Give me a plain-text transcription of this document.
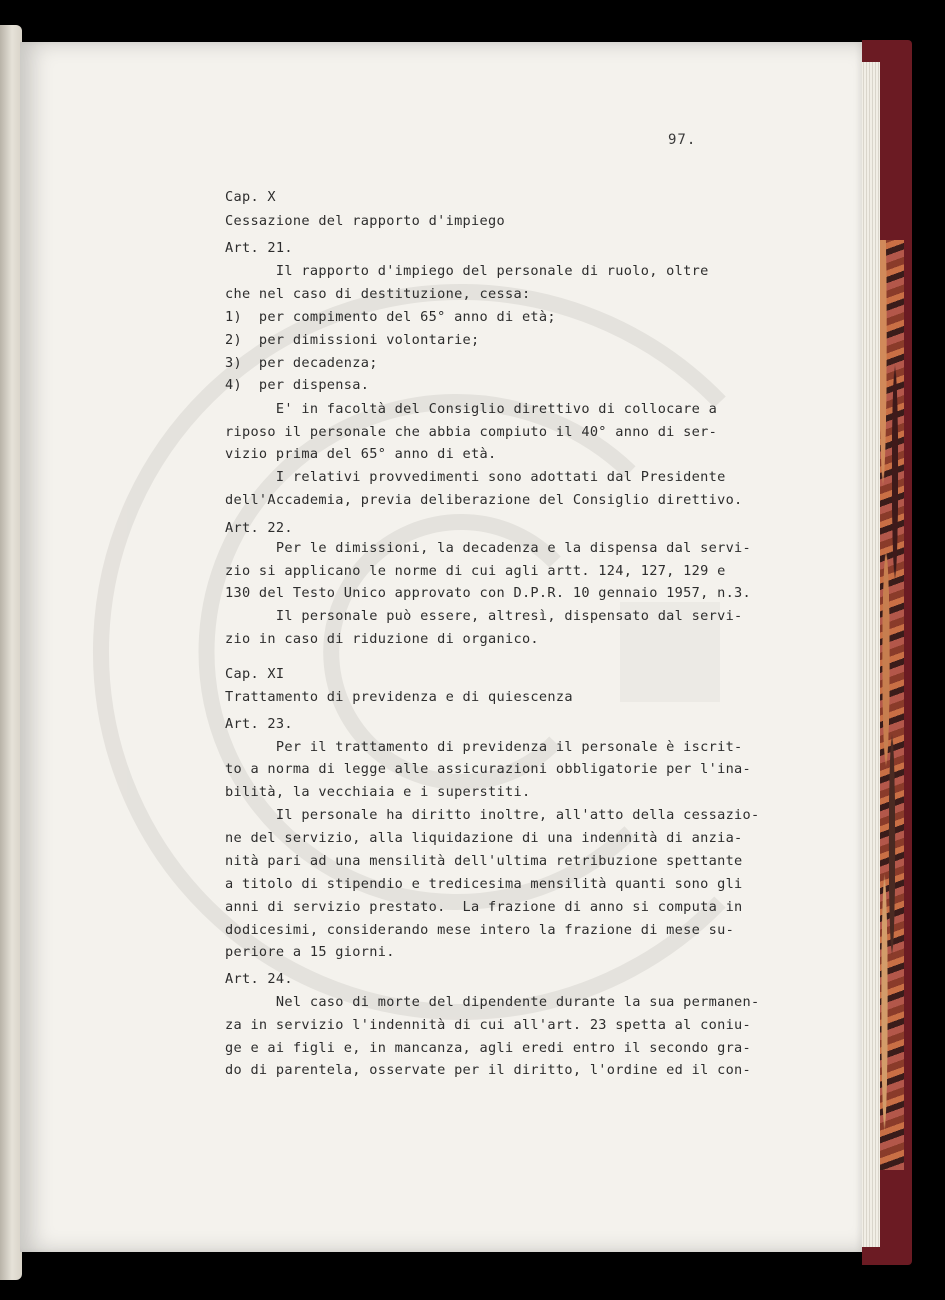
97.
Cap. X
Cessazione del rapporto d'impiego
Art. 21.
Il rapporto d'impiego del personale di ruolo, oltre
che nel caso di destituzione, cessa:
1)  per compimento del 65° anno di età;
2)  per dimissioni volontarie;
3)  per decadenza;
4)  per dispensa.
E' in facoltà del Consiglio direttivo di collocare a
riposo il personale che abbia compiuto il 40° anno di ser-
vizio prima del 65° anno di età.
I relativi provvedimenti sono adottati dal Presidente
dell'Accademia, previa deliberazione del Consiglio direttivo.
Art. 22.
Per le dimissioni, la decadenza e la dispensa dal servi-
zio si applicano le norme di cui agli artt. 124, 127, 129 e
130 del Testo Unico approvato con D.P.R. 10 gennaio 1957, n.3.
Il personale può essere, altresì, dispensato dal servi-
zio in caso di riduzione di organico.
Cap. XI
Trattamento di previdenza e di quiescenza
Art. 23.
Per il trattamento di previdenza il personale è iscrit-
to a norma di legge alle assicurazioni obbligatorie per l'ina-
bilità, la vecchiaia e i superstiti.
Il personale ha diritto inoltre, all'atto della cessazio-
ne del servizio, alla liquidazione di una indennità di anzia-
nità pari ad una mensilità dell'ultima retribuzione spettante
a titolo di stipendio e tredicesima mensilità quanti sono gli
anni di servizio prestato.  La frazione di anno si computa in
dodicesimi, considerando mese intero la frazione di mese su-
periore a 15 giorni.
Art. 24.
Nel caso di morte del dipendente durante la sua permanen-
za in servizio l'indennità di cui all'art. 23 spetta al coniu-
ge e ai figli e, in mancanza, agli eredi entro il secondo gra-
do di parentela, osservate per il diritto, l'ordine ed il con-
